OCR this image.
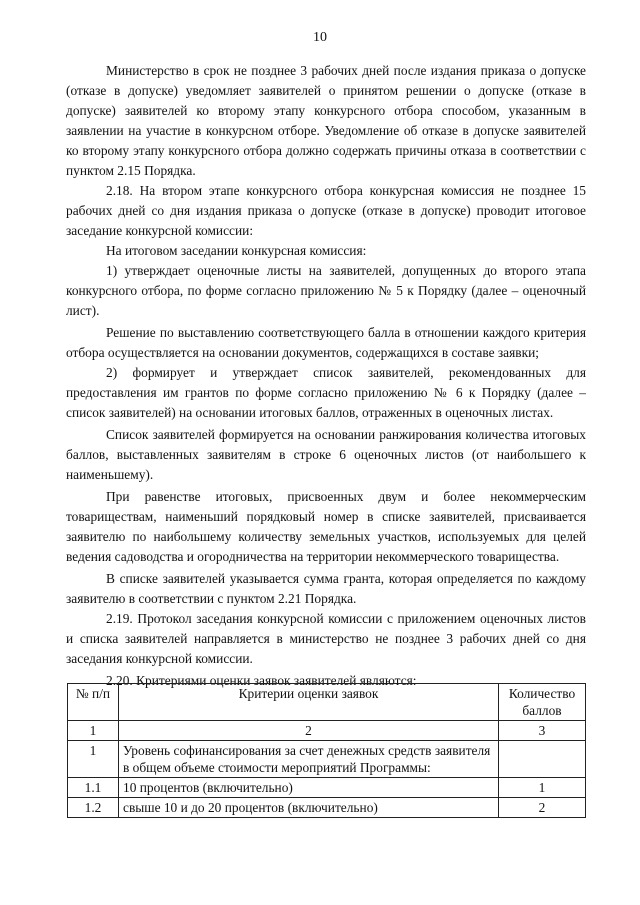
10

Министерство в срок не позднее 3 рабочих дней после издания приказа о допуске (отказе в допуске) уведомляет заявителей о принятом решении о допуске (отказе в допуске) заявителей ко второму этапу конкурсного отбора способом, указанным в заявлении на участие в конкурсном отборе. Уведомление об отказе в допуске заявителей ко второму этапу конкурсного отбора должно содержать причины отказа в соответствии с пунктом 2.15 Порядка.

2.18. На втором этапе конкурсного отбора конкурсная комиссия не позднее 15 рабочих дней со дня издания приказа о допуске (отказе в допуске) проводит итоговое заседание конкурсной комиссии:

На итоговом заседании конкурсная комиссия:

1) утверждает оценочные листы на заявителей, допущенных до второго этапа конкурсного отбора, по форме согласно приложению № 5 к Порядку (далее – оценочный лист).

Решение по выставлению соответствующего балла в отношении каждого критерия отбора осуществляется на основании документов, содержащихся в составе заявки;

2) формирует и утверждает список заявителей, рекомендованных для предоставления им грантов по форме согласно приложению № 6 к Порядку (далее – список заявителей) на основании итоговых баллов, отраженных в оценочных листах.

Список заявителей формируется на основании ранжирования количества итоговых баллов, выставленных заявителям в строке 6 оценочных листов (от наибольшего к наименьшему).

При равенстве итоговых, присвоенных двум и более некоммерческим товариществам, наименьший порядковый номер в списке заявителей, присваивается заявителю по наибольшему количеству земельных участков, используемых для целей ведения садоводства и огородничества на территории некоммерческого товарищества.

В списке заявителей указывается сумма гранта, которая определяется по каждому заявителю в соответствии с пунктом 2.21 Порядка.

2.19. Протокол заседания конкурсной комиссии с приложением оценочных листов и списка заявителей направляется в министерство не позднее 3 рабочих дней со дня заседания конкурсной комиссии.

2.20. Критериями оценки заявок заявителей являются:

№ п/п	Критерии оценки заявок	Количество баллов
1	2	3
1	Уровень софинансирования за счет денежных средств заявителя в общем объеме стоимости мероприятий Программы:	
1.1	10 процентов (включительно)	1
1.2	свыше 10 и до 20 процентов (включительно)	2
